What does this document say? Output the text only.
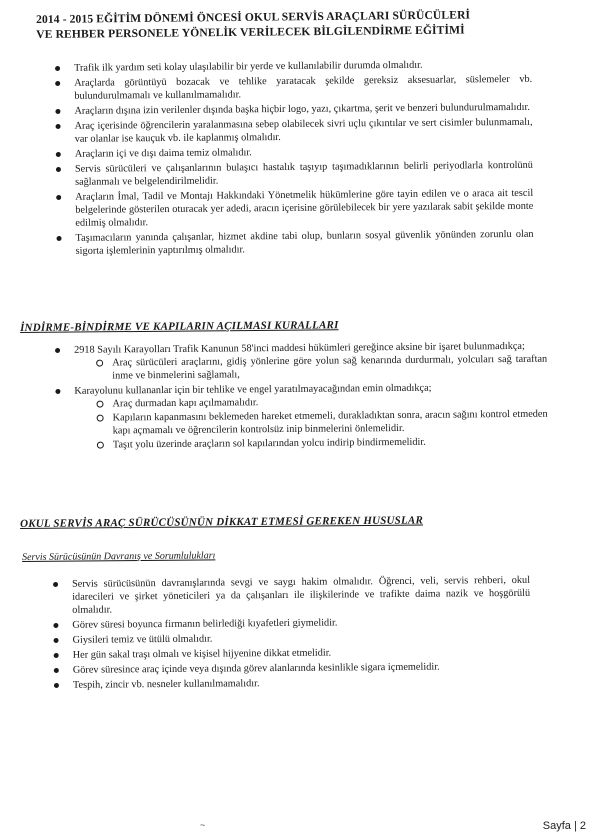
2014 - 2015 EĞİTİM DÖNEMİ ÖNCESİ OKUL SERVİS ARAÇLARI SÜRÜCÜLERİ
VE REHBER PERSONELE YÖNELİK VERİLECEK BİLGİLENDİRME EĞİTİMİ
Trafik ilk yardım seti kolay ulaşılabilir bir yerde ve kullanılabilir durumda olmalıdır.
Araçlarda görüntüyü bozacak ve tehlike yaratacak şekilde gereksiz aksesuarlar, süslemeler vb. bulundurulmamalı ve kullanılmamalıdır.
Araçların dışına izin verilenler dışında başka hiçbir logo, yazı, çıkartma, şerit ve benzeri bulundurulmamalıdır.
Araç içerisinde öğrencilerin yaralanmasına sebep olabilecek sivri uçlu çıkıntılar ve sert cisimler bulunmamalı, var olanlar ise kauçuk vb. ile kaplanmış olmalıdır.
Araçların içi ve dışı daima temiz olmalıdır.
Servis sürücüleri ve çalışanlarının bulaşıcı hastalık taşıyıp taşımadıklarının belirli periyodlarla kontrolünü sağlanmalı ve belgelendirilmelidir.
Araçların İmal, Tadil ve Montajı Hakkındaki Yönetmelik hükümlerine göre tayin edilen ve o araca ait tescil belgelerinde gösterilen oturacak yer adedi, aracın içerisine görülebilecek bir yere yazılarak sabit şekilde monte edilmiş olmalıdır.
Taşımacıların yanında çalışanlar, hizmet akdine tabi olup, bunların sosyal güvenlik yönünden zorunlu olan sigorta işlemlerinin yaptırılmış olmalıdır.
İNDİRME-BİNDİRME VE KAPILARIN AÇILMASI KURALLARI
2918 Sayılı Karayolları Trafik Kanunun 58'inci maddesi hükümleri gereğince aksine bir işaret bulunmadıkça;
Araç sürücüleri araçlarını, gidiş yönlerine göre yolun sağ kenarında durdurmalı, yolcuları sağ taraftan inme ve binmelerini sağlamalı,
Karayolunu kullananlar için bir tehlike ve engel yaratılmayacağından emin olmadıkça;
Araç durmadan kapı açılmamalıdır.
Kapıların kapanmasını beklemeden hareket etmemeli, durakladıktan sonra, aracın sağını kontrol etmeden kapı açmamalı ve öğrencilerin kontrolsüz inip binmelerini önlemelidir.
Taşıt yolu üzerinde araçların sol kapılarından yolcu indirip bindirmemelidir.
OKUL SERVİS ARAÇ SÜRÜCÜSÜNÜN DİKKAT ETMESİ GEREKEN HUSUSLAR
Servis Sürücüsünün Davranış ve Sorumlulukları
Servis sürücüsünün davranışlarında sevgi ve saygı hakim olmalıdır. Öğrenci, veli, servis rehberi, okul idarecileri ve şirket yöneticileri ya da çalışanları ile ilişkilerinde ve trafikte daima nazik ve hoşgörülü olmalıdır.
Görev süresi boyunca firmanın belirlediği kıyafetleri giymelidir.
Giysileri temiz ve ütülü olmalıdır.
Her gün sakal traşı olmalı ve kişisel hijyenine dikkat etmelidir.
Görev süresince araç içinde veya dışında görev alanlarında kesinlikle sigara içmemelidir.
Tespih, zincir vb. nesneler kullanılmamalıdır.
~	Sayfa | 2
